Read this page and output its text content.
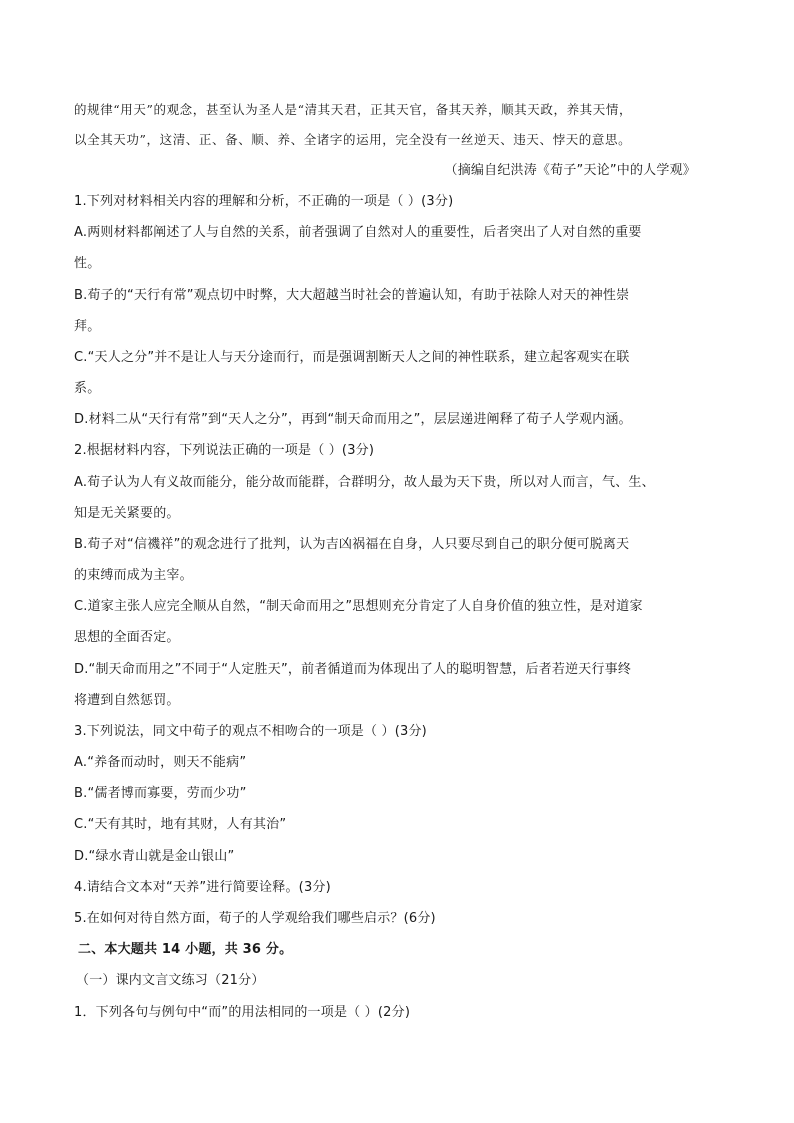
的规律“用天”的观念，甚至认为圣人是“清其天君，正其天官，备其天养，顺其天政，养其天情，
以全其天功”，这清、正、备、顺、养、全诸字的运用，完全没有一丝逆天、违天、悖天的意思。
（摘编自纪洪涛《荀子”天论”中的人学观》
1.下列对材料相关内容的理解和分析，不正确的一项是（ ）(3分)
A.两则材料都阐述了人与自然的关系，前者强调了自然对人的重要性，后者突出了人对自然的重要
性。
B.荀子的“天行有常”观点切中时弊，大大超越当时社会的普遍认知，有助于祛除人对天的神性崇
拜。
C.“天人之分”并不是让人与天分途而行，而是强调割断天人之间的神性联系，建立起客观实在联
系。
D.材料二从“天行有常”到“天人之分”，再到“制天命而用之”，层层递进阐释了荀子人学观内涵。
2.根据材料内容，下列说法正确的一项是（ ）(3分)
A.荀子认为人有义故而能分，能分故而能群，合群明分，故人最为天下贵，所以对人而言，气、生、
知是无关紧要的。
B.荀子对“信禨祥”的观念进行了批判，认为吉凶祸福在自身，人只要尽到自己的职分便可脱离天
的束缚而成为主宰。
C.道家主张人应完全顺从自然，“制天命而用之”思想则充分肯定了人自身价值的独立性，是对道家
思想的全面否定。
D.“制天命而用之”不同于“人定胜天”，前者循道而为体现出了人的聪明智慧，后者若逆天行事终
将遭到自然惩罚。
3.下列说法，同文中荀子的观点不相吻合的一项是（ ）(3分)
A.“养备而动时，则天不能病”
B.“儒者博而寡要，劳而少功”
C.“天有其时，地有其财，人有其治”
D.“绿水青山就是金山银山”
4.请结合文本对“天养”进行简要诠释。(3分)
5.在如何对待自然方面，荀子的人学观给我们哪些启示？(6分)
二、本大题共 14 小题，共 36 分。
（一）课内文言文练习（21分）
1．下列各句与例句中“而”的用法相同的一项是（ ）(2分)
